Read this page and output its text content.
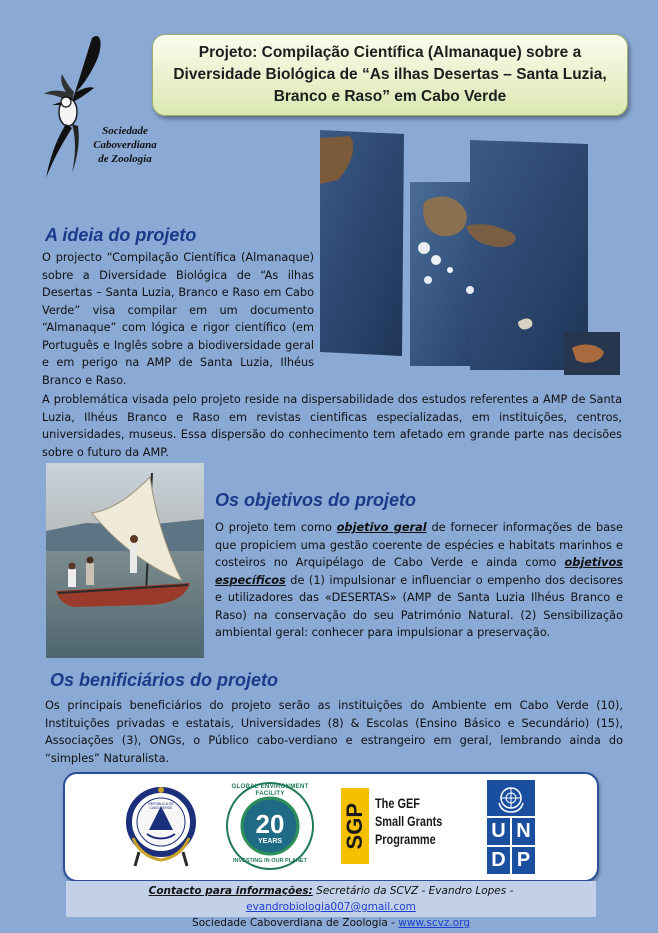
Sociedade
Caboverdiana
de Zoologia
Projeto: Compilação Científica (Almanaque) sobre a Diversidade Biológica de “As ilhas Desertas – Santa Luzia, Branco e Raso” em Cabo Verde
A ideia do projeto

O projecto “Compilação Científica (Almanaque) sobre a Diversidade Biológica de “As ilhas Desertas – Santa Luzia, Branco e Raso em Cabo Verde” visa compilar em um documento “Almanaque” com lógica e rigor científico (em Português e Inglês sobre a biodiversidade geral e em perigo na AMP de Santa Luzia, Ilhéus Branco e Raso.

A problemática visada pelo projeto reside na dispersabilidade dos estudos referentes a AMP de Santa Luzia, Ilhéus Branco e Raso em revistas cientificas especializadas, em instituições, centros, universidades, museus. Essa dispersão do conhecimento tem afetado em grande parte nas decisões sobre o futuro da AMP.

Os objetivos do projeto

O projeto tem como objetivo geral de fornecer informações de base que propiciem uma gestão coerente de espécies e habitats marinhos e costeiros no Arquipélago de Cabo Verde e ainda como objetivos específicos de (1) impulsionar e influenciar o empenho dos decisores e utilizadores das «DESERTAS» (AMP de Santa Luzia Ilhéus Branco e Raso) na conservação do seu Património Natural. (2) Sensibilização ambiental geral: conhecer para impulsionar a preservação.

Os benificiários do projeto

Os principais beneficiários do projeto serão as instituições do Ambiente em Cabo Verde (10), Instituições privadas e estatais, Universidades (8) & Escolas (Ensino Básico e Secundário) (15), Associações (3), ONGs, o Público cabo-verdiano e estrangeiro em geral, lembrando ainda do “simples” Naturalista.

REPÚBLICA DE CABO VERDE
GLOBAL ENVIRONMENT FACILITY
20
YEARS
INVESTING IN OUR PLANET
SGP The GEF
Small Grants
Programme	U N
D P
Contacto para informações: Secretário da SCVZ - Evandro Lopes - evandrobiologia007@gmail.com
Sociedade Caboverdiana de Zoologia - www.scvz.org
